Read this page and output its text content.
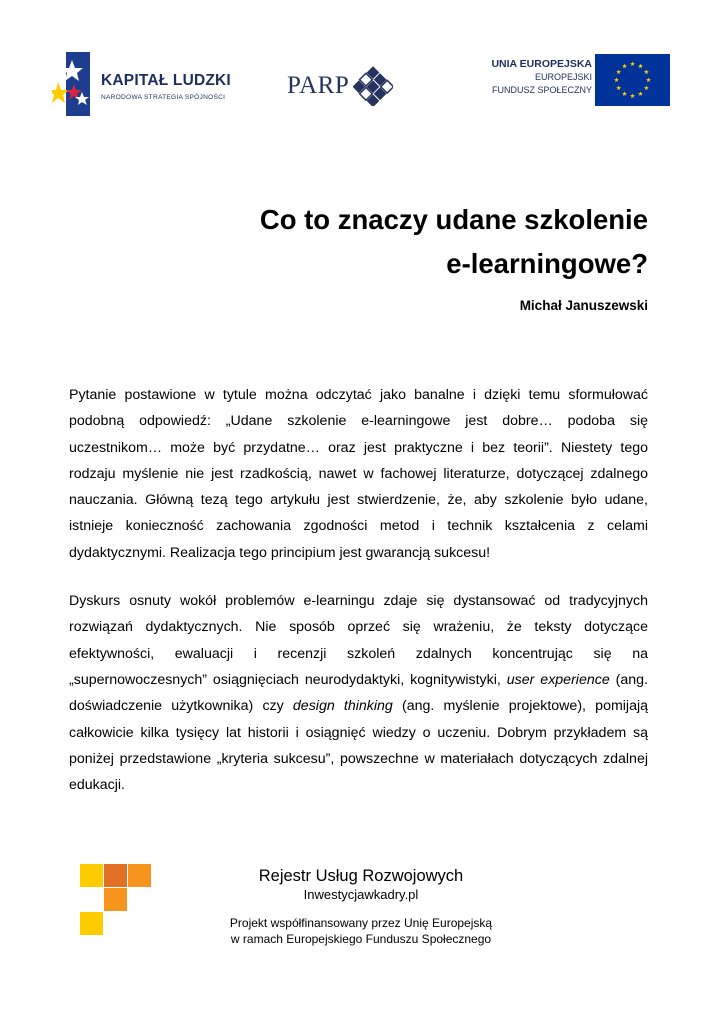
KAPITAŁ LUDZKI
NARODOWA STRATEGIA SPÓJNOŚCI PARP
UNIA EUROPEJSKA
EUROPEJSKI
FUNDUSZ SPOŁECZNY
Co to znaczy udane szkolenie
e-learningowe?
Michał Januszewski

Pytanie postawione w tytule można odczytać jako banalne i dzięki temu sformułować podobną odpowiedź: „Udane szkolenie e-learningowe jest dobre… podoba się uczestnikom… może być przydatne… oraz jest praktyczne i bez teorii”. Niestety tego rodzaju myślenie nie jest rzadkością, nawet w fachowej literaturze, dotyczącej zdalnego nauczania. Główną tezą tego artykułu jest stwierdzenie, że, aby szkolenie było udane, istnieje konieczność zachowania zgodności metod i technik kształcenia z celami dydaktycznymi. Realizacja tego principium jest gwarancją sukcesu!

Dyskurs osnuty wokół problemów e-learningu zdaje się dystansować od tradycyjnych rozwiązań dydaktycznych. Nie sposób oprzeć się wrażeniu, że teksty dotyczące efektywności, ewaluacji i recenzji szkoleń zdalnych koncentrując się na „supernowoczesnych” osiągnięciach neurodydaktyki, kognitywistyki, user experience (ang. doświadczenie użytkownika) czy design thinking (ang. myślenie projektowe), pomijają całkowicie kilka tysięcy lat historii i osiągnięć wiedzy o uczeniu. Dobrym przykładem są poniżej przedstawione „kryteria sukcesu”, powszechne w materiałach dotyczących zdalnej edukacji.

Rejestr Usług Rozwojowych
Inwestycjawkadry.pl
Projekt współfinansowany przez Unię Europejską
w ramach Europejskiego Funduszu Społecznego
